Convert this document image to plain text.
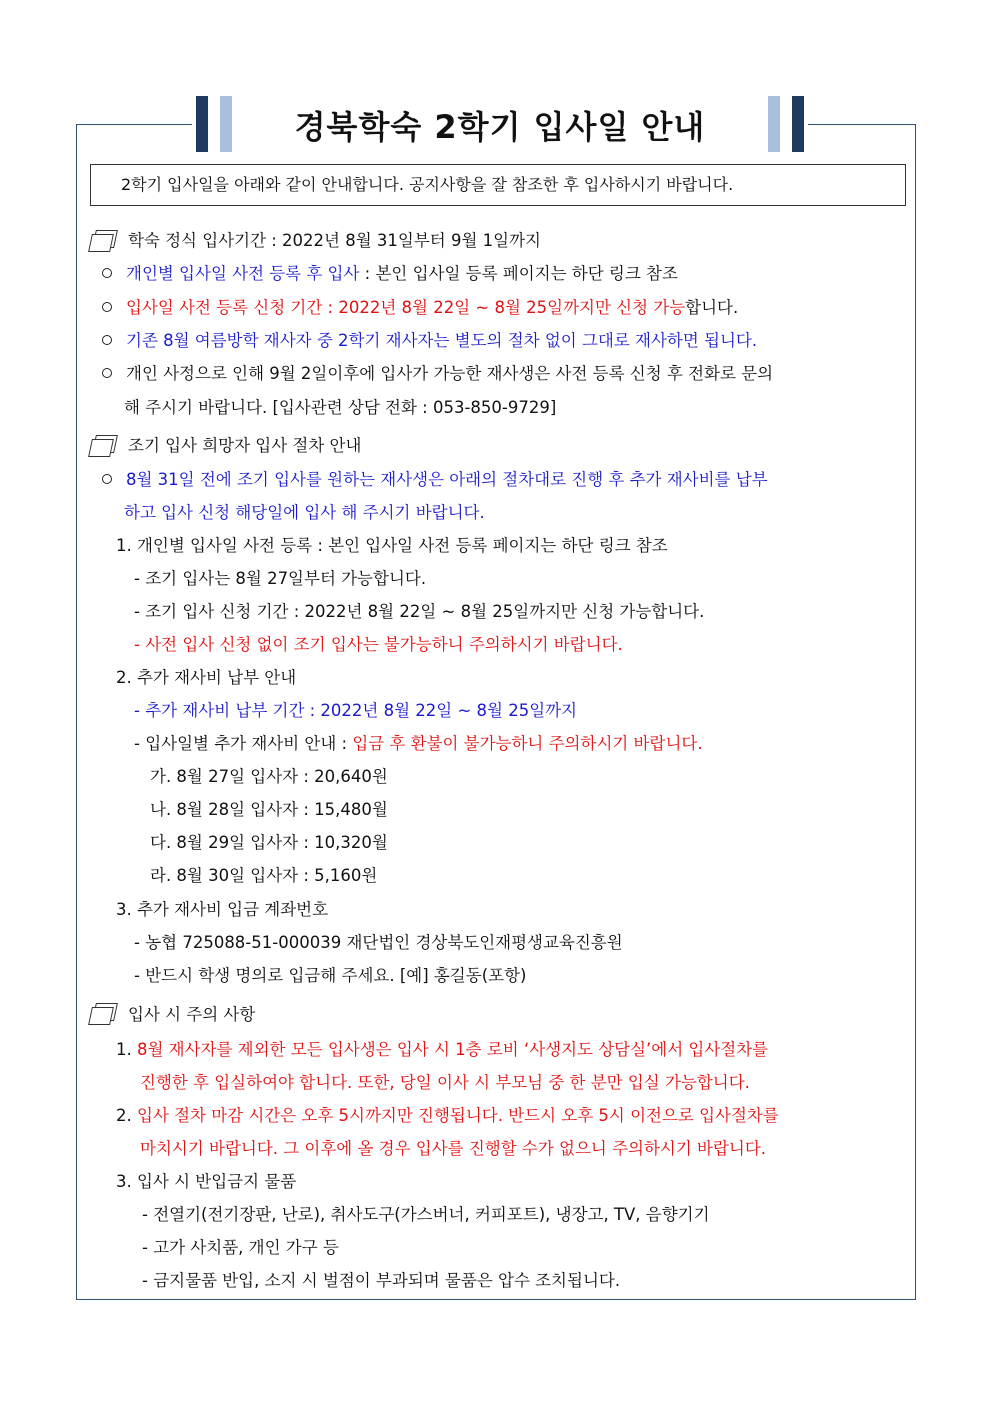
경북학숙 2학기 입사일 안내
2학기 입사일을 아래와 같이 안내합니다. 공지사항을 잘 참조한 후 입사하시기 바랍니다.
학숙 정식 입사기간 : 2022년 8월 31일부터 9월 1일까지
개인별 입사일 사전 등록 후 입사 : 본인 입사일 등록 페이지는 하단 링크 참조
입사일 사전 등록 신청 기간 : 2022년 8월 22일 ~ 8월 25일까지만 신청 가능합니다.
기존 8월 여름방학 재사자 중 2학기 재사자는 별도의 절차 없이 그대로 재사하면 됩니다.
개인 사정으로 인해 9월 2일이후에 입사가 가능한 재사생은 사전 등록 신청 후 전화로 문의
해 주시기 바랍니다. [입사관련 상담 전화 : 053-850-9729]
조기 입사 희망자 입사 절차 안내
8월 31일 전에 조기 입사를 원하는 재사생은 아래의 절차대로 진행 후 추가 재사비를 납부
하고 입사 신청 해당일에 입사 해 주시기 바랍니다.
1. 개인별 입사일 사전 등록 : 본인 입사일 사전 등록 페이지는 하단 링크 참조
- 조기 입사는 8월 27일부터 가능합니다.
- 조기 입사 신청 기간 : 2022년 8월 22일 ~ 8월 25일까지만 신청 가능합니다.
- 사전 입사 신청 없이 조기 입사는 불가능하니 주의하시기 바랍니다.
2. 추가 재사비 납부 안내
- 추가 재사비 납부 기간 : 2022년 8월 22일 ~ 8월 25일까지
- 입사일별 추가 재사비 안내 : 입금 후 환불이 불가능하니 주의하시기 바랍니다.
가. 8월 27일 입사자 : 20,640원
나. 8월 28일 입사자 : 15,480월
다. 8월 29일 입사자 : 10,320월
라. 8월 30일 입사자 : 5,160원
3. 추가 재사비 입금 계좌번호
- 농협 725088-51-000039 재단법인 경상북도인재평생교육진흥원
- 반드시 학생 명의로 입금해 주세요. [예] 홍길동(포항)
입사 시 주의 사항
1. 8월 재사자를 제외한 모든 입사생은 입사 시 1층 로비 ‘사생지도 상담실’에서 입사절차를
진행한 후 입실하여야 합니다. 또한, 당일 이사 시 부모님 중 한 분만 입실 가능합니다.
2. 입사 절차 마감 시간은 오후 5시까지만 진행됩니다. 반드시 오후 5시 이전으로 입사절차를
마치시기 바랍니다. 그 이후에 올 경우 입사를 진행할 수가 없으니 주의하시기 바랍니다.
3. 입사 시 반입금지 물품
- 전열기(전기장판, 난로), 취사도구(가스버너, 커피포트), 냉장고, TV, 음향기기
- 고가 사치품, 개인 가구 등
- 금지물품 반입, 소지 시 벌점이 부과되며 물품은 압수 조치됩니다.
